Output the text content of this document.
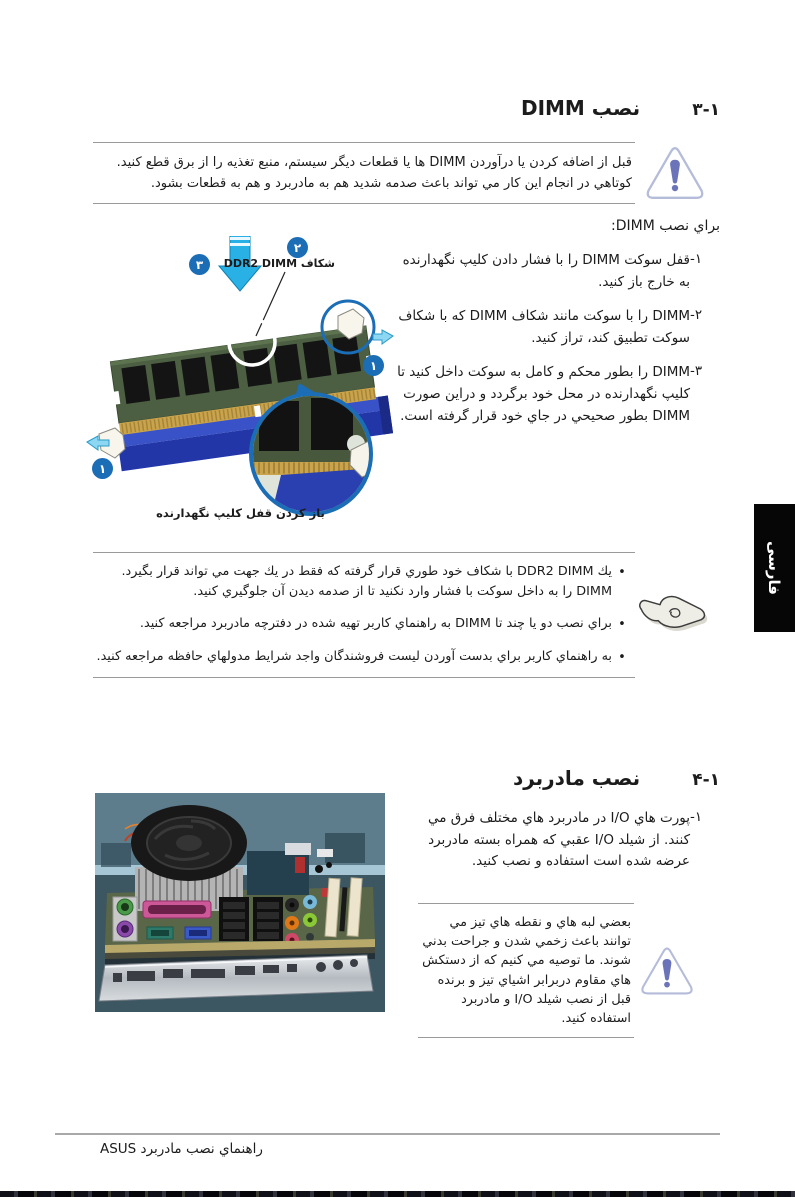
۳-۱
نصب DIMM
قبل از اضافه كردن يا درآوردن DIMM ها يا قطعات ديگر سيستم، منبع تغذيه را از برق قطع كنيد. كوتاهي در انجام اين كار مي تواند باعث صدمه شديد هم به مادربرد و هم به قطعات بشود.
براي نصب DIMM:
-۱
قفل سوكت DIMM را با فشار دادن كليپ نگهدارنده به خارج باز كنيد.
-۲
DIMM را با سوكت مانند شكاف DIMM كه با شكاف سوكت تطبيق كند، تراز كنيد.
-۳
DIMM را بطور محكم و كامل به سوكت داخل كنيد تا كليپ نگهدارنده در محل خود برگردد و دراين صورت DIMM بطور صحيحي در جاي خود قرار گرفته است.
۲
۳
۱
۱
شكاف DDR2 DIMM
باز كردن قفل كليپ نگهدارنده
•
يك DDR2 DIMM با شكاف خود طوري قرار گرفته كه فقط در يك جهت مي تواند قرار بگيرد. DIMM را به داخل سوكت با فشار وارد نكنيد تا از صدمه ديدن آن جلوگيري كنيد.
•
براي نصب دو يا چند تا DIMM به راهنماي كاربر تهيه شده در دفترچه مادربرد مراجعه كنيد.
•
به راهنماي كاربر براي بدست آوردن ليست فروشندگان واجد شرايط مدولهاي حافظه مراجعه كنيد.
۴-۱
نصب مادربرد
-۱
پورت هاي I/O در مادربرد هاي مختلف فرق مي كنند. از شيلد I/O عقبي كه همراه بسته مادربرد عرضه شده است استفاده و نصب كنيد.
بعضي لبه هاي و نقطه هاي تيز مي توانند باعث زخمي شدن و جراحت بدني شوند. ما توصيه مي كنيم كه از دستكش هاي مقاوم دربرابر اشياي تيز و برنده قبل از نصب شيلد I/O و مادربرد استفاده كنيد.
فارسی
راهنماي نصب مادربرد ASUS
